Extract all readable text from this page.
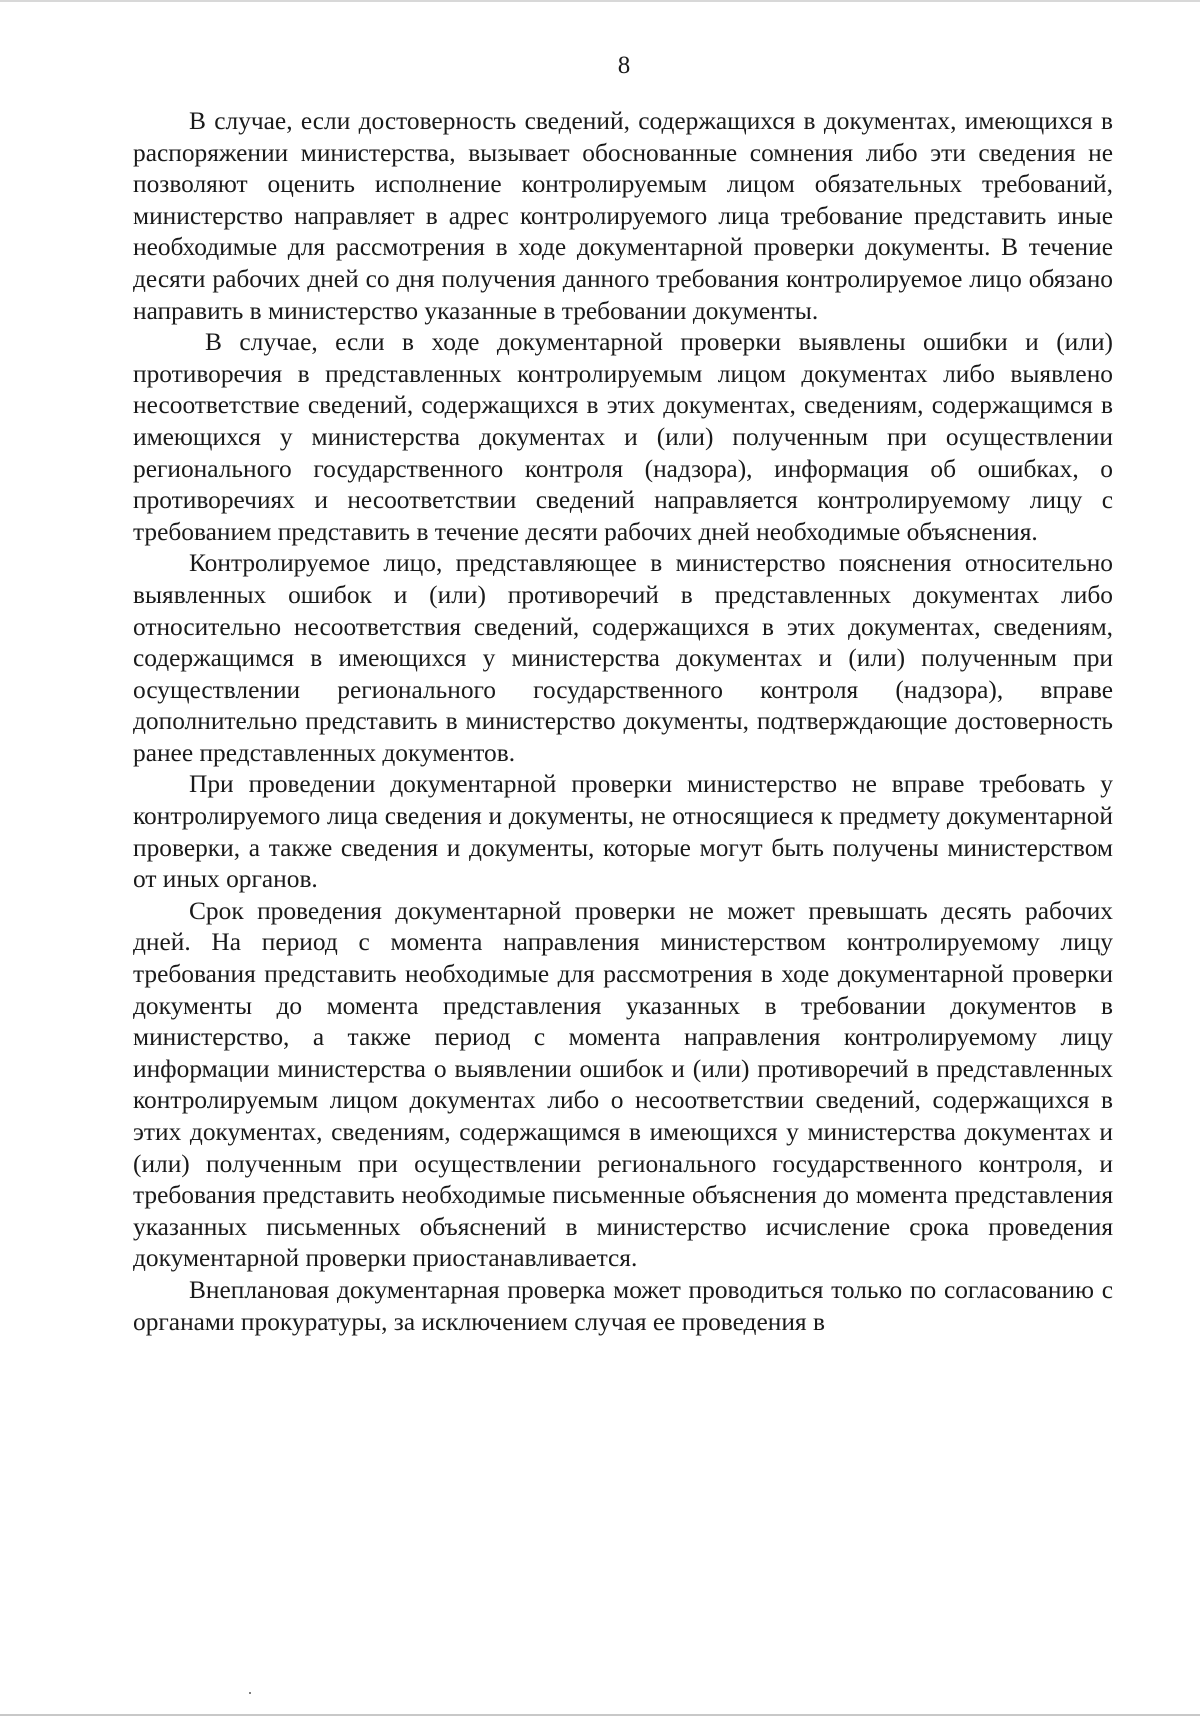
8

В случае, если достоверность сведений, содержащихся в документах, имеющихся в распоряжении министерства, вызывает обоснованные сомнения либо эти сведения не позволяют оценить исполнение контролируемым лицом обязательных требований, министерство направляет в адрес контролируемого лица требование представить иные необходимые для рассмотрения в ходе документарной проверки документы. В течение десяти рабочих дней со дня получения данного требования контролируемое лицо обязано направить в министерство указанные в требовании документы.

В случае, если в ходе документарной проверки выявлены ошибки и (или) противоречия в представленных контролируемым лицом документах либо выявлено несоответствие сведений, содержащихся в этих документах, сведениям, содержащимся в имеющихся у министерства документах и (или) полученным при осуществлении регионального государственного контроля (надзора), информация об ошибках, о противоречиях и несоответствии сведений направляется контролируемому лицу с требованием представить в течение десяти рабочих дней необходимые объяснения.

Контролируемое лицо, представляющее в министерство пояснения относительно выявленных ошибок и (или) противоречий в представленных документах либо относительно несоответствия сведений, содержащихся в этих документах, сведениям, содержащимся в имеющихся у министерства документах и (или) полученным при осуществлении регионального государственного контроля (надзора), вправе дополнительно представить в министерство документы, подтверждающие достоверность ранее представленных документов.

При проведении документарной проверки министерство не вправе требовать у контролируемого лица сведения и документы, не относящиеся к предмету документарной проверки, а также сведения и документы, которые могут быть получены министерством от иных органов.

Срок проведения документарной проверки не может превышать десять рабочих дней. На период с момента направления министерством контролируемому лицу требования представить необходимые для рассмотрения в ходе документарной проверки документы до момента представления указанных в требовании документов в министерство, а также период с момента направления контролируемому лицу информации министерства о выявлении ошибок и (или) противоречий в представленных контролируемым лицом документах либо о несоответствии сведений, содержащихся в этих документах, сведениям, содержащимся в имеющихся у министерства документах и (или) полученным при осуществлении регионального государственного контроля, и требования представить необходимые письменные объяснения до момента представления указанных письменных объяснений в министерство исчисление срока проведения документарной проверки приостанавливается.

Внеплановая документарная проверка может проводиться только по согласованию с органами прокуратуры, за исключением случая ее проведения в
